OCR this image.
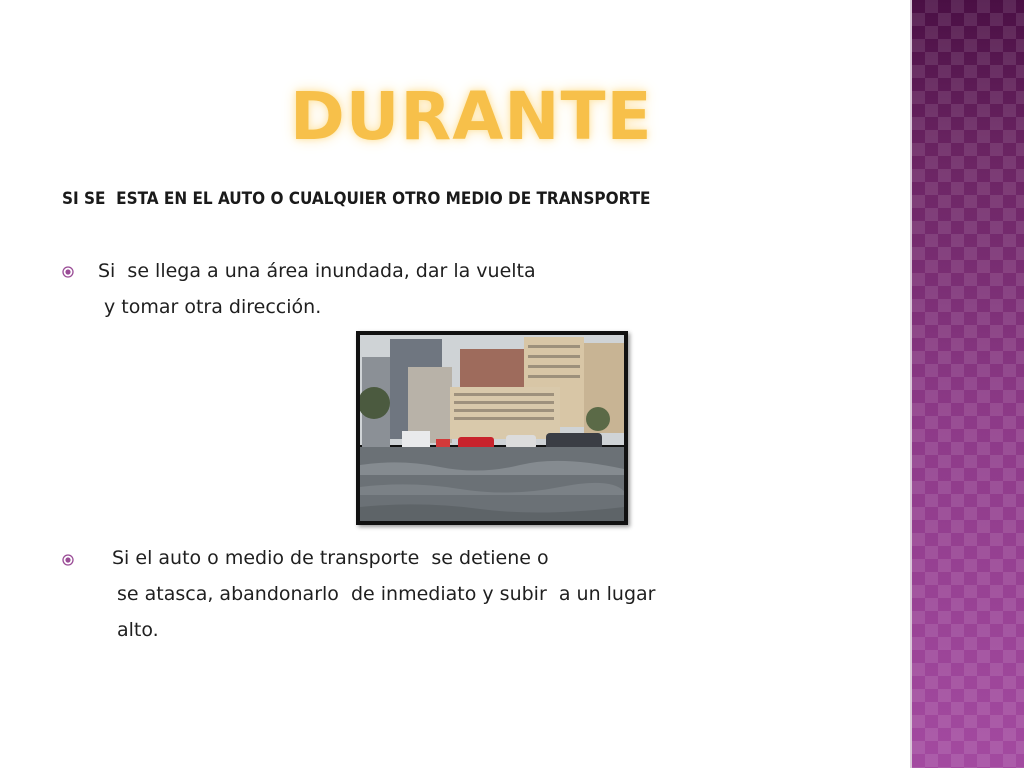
DURANTE

SI SE  ESTA EN EL AUTO O CUALQUIER OTRO MEDIO DE TRANSPORTE

Si  se llega a una área inundada, dar la vuelta

y tomar otra dirección.

Si el auto o medio de transporte  se detiene o

se atasca, abandonarlo  de inmediato y subir  a un lugar

alto.
